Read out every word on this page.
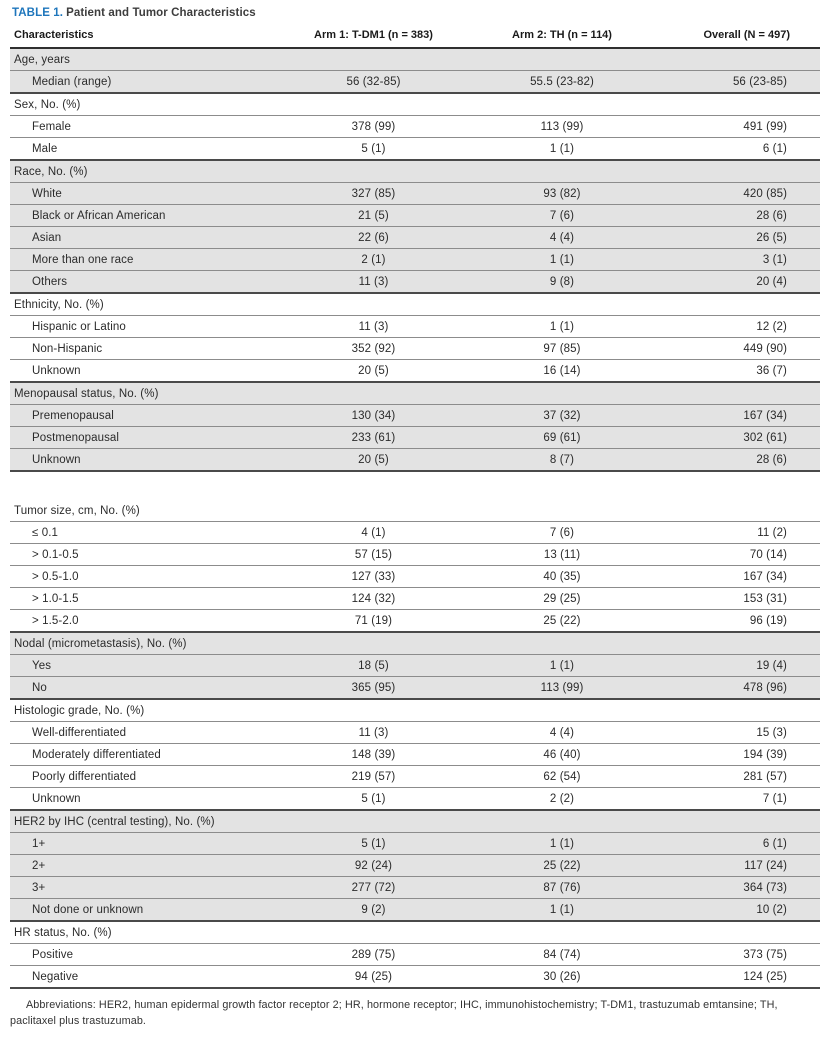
TABLE 1. Patient and Tumor Characteristics
Characteristics	Arm 1: T-DM1 (n = 383)	Arm 2: TH (n = 114)	Overall (N = 497)
Age, years			
Median (range)	56 (32-85)	55.5 (23-82)	56 (23-85)
Sex, No. (%)			
Female	378 (99)	113 (99)	491 (99)
Male	5 (1)	1 (1)	6 (1)
Race, No. (%)			
White	327 (85)	93 (82)	420 (85)
Black or African American	21 (5)	7 (6)	28 (6)
Asian	22 (6)	4 (4)	26 (5)
More than one race	2 (1)	1 (1)	3 (1)
Others	11 (3)	9 (8)	20 (4)
Ethnicity, No. (%)			
Hispanic or Latino	11 (3)	1 (1)	12 (2)
Non-Hispanic	352 (92)	97 (85)	449 (90)
Unknown	20 (5)	16 (14)	36 (7)
Menopausal status, No. (%)			
Premenopausal	130 (34)	37 (32)	167 (34)
Postmenopausal	233 (61)	69 (61)	302 (61)
Unknown	20 (5)	8 (7)	28 (6)

Tumor size, cm, No. (%)			
≤ 0.1	4 (1)	7 (6)	11 (2)
> 0.1-0.5	57 (15)	13 (11)	70 (14)
> 0.5-1.0	127 (33)	40 (35)	167 (34)
> 1.0-1.5	124 (32)	29 (25)	153 (31)
> 1.5-2.0	71 (19)	25 (22)	96 (19)
Nodal (micrometastasis), No. (%)			
Yes	18 (5)	1 (1)	19 (4)
No	365 (95)	113 (99)	478 (96)
Histologic grade, No. (%)			
Well-differentiated	11 (3)	4 (4)	15 (3)
Moderately differentiated	148 (39)	46 (40)	194 (39)
Poorly differentiated	219 (57)	62 (54)	281 (57)
Unknown	5 (1)	2 (2)	7 (1)
HER2 by IHC (central testing), No. (%)			
1+	5 (1)	1 (1)	6 (1)
2+	92 (24)	25 (22)	117 (24)
3+	277 (72)	87 (76)	364 (73)
Not done or unknown	9 (2)	1 (1)	10 (2)
HR status, No. (%)			
Positive	289 (75)	84 (74)	373 (75)
Negative	94 (25)	30 (26)	124 (25)

Abbreviations: HER2, human epidermal growth factor receptor 2; HR, hormone receptor; IHC, immunohistochemistry; T-DM1, trastuzumab emtansine; TH, paclitaxel plus trastuzumab.
